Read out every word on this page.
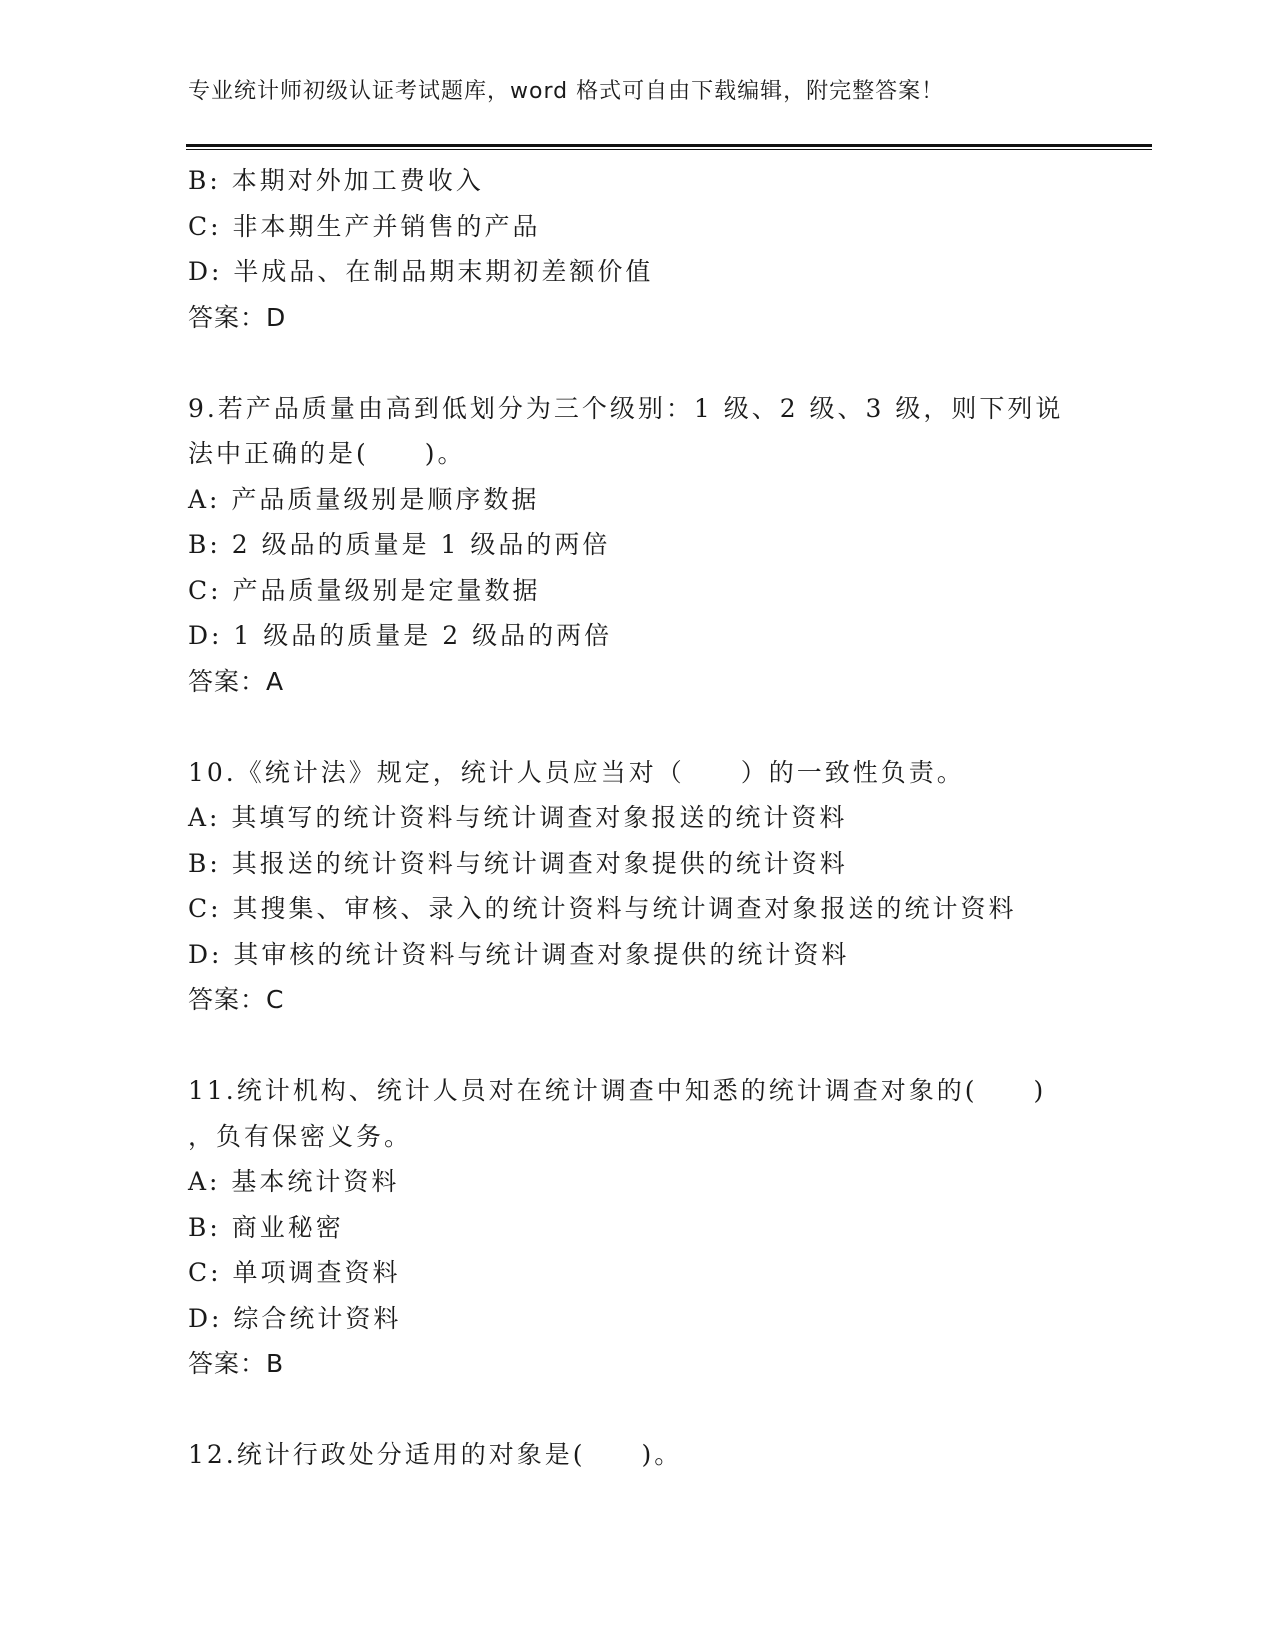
专业统计师初级认证考试题库，word 格式可自由下载编辑，附完整答案！
B: 本期对外加工费收入
C: 非本期生产并销售的产品
D: 半成品、在制品期末期初差额价值
答案：D
9.若产品质量由高到低划分为三个级别：1 级、2 级、3 级，则下列说
法中正确的是(　　)。
A: 产品质量级别是顺序数据
B: 2 级品的质量是 1 级品的两倍
C: 产品质量级别是定量数据
D: 1 级品的质量是 2 级品的两倍
答案：A
10.《统计法》规定，统计人员应当对（　　）的一致性负责。
A: 其填写的统计资料与统计调查对象报送的统计资料
B: 其报送的统计资料与统计调查对象提供的统计资料
C: 其搜集、审核、录入的统计资料与统计调查对象报送的统计资料
D: 其审核的统计资料与统计调查对象提供的统计资料
答案：C
11.统计机构、统计人员对在统计调查中知悉的统计调查对象的(　　)
，负有保密义务。
A: 基本统计资料
B: 商业秘密
C: 单项调查资料
D: 综合统计资料
答案：B
12.统计行政处分适用的对象是(　　)。
